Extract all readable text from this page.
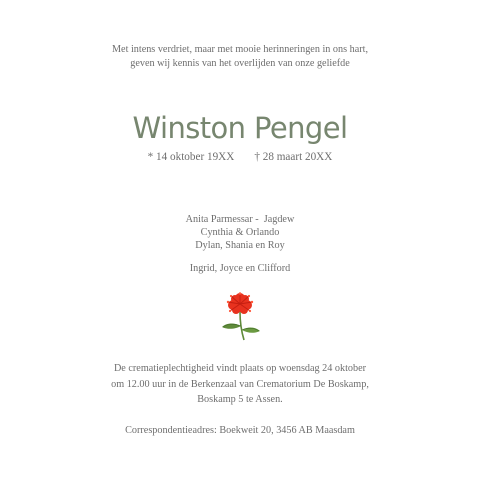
Met intens verdriet, maar met mooie herinneringen in ons hart,
geven wij kennis van het overlijden van onze geliefde
Winston Pengel
* 14 oktober 19XX † 28 maart 20XX
Anita Parmessar -  Jagdew
Cynthia & Orlando
Dylan, Shania en Roy
Ingrid, Joyce en Clifford
De crematieplechtigheid vindt plaats op woensdag 24 oktober
om 12.00 uur in de Berkenzaal van Crematorium De Boskamp,
Boskamp 5 te Assen.
Correspondentieadres: Boekweit 20, 3456 AB Maasdam
